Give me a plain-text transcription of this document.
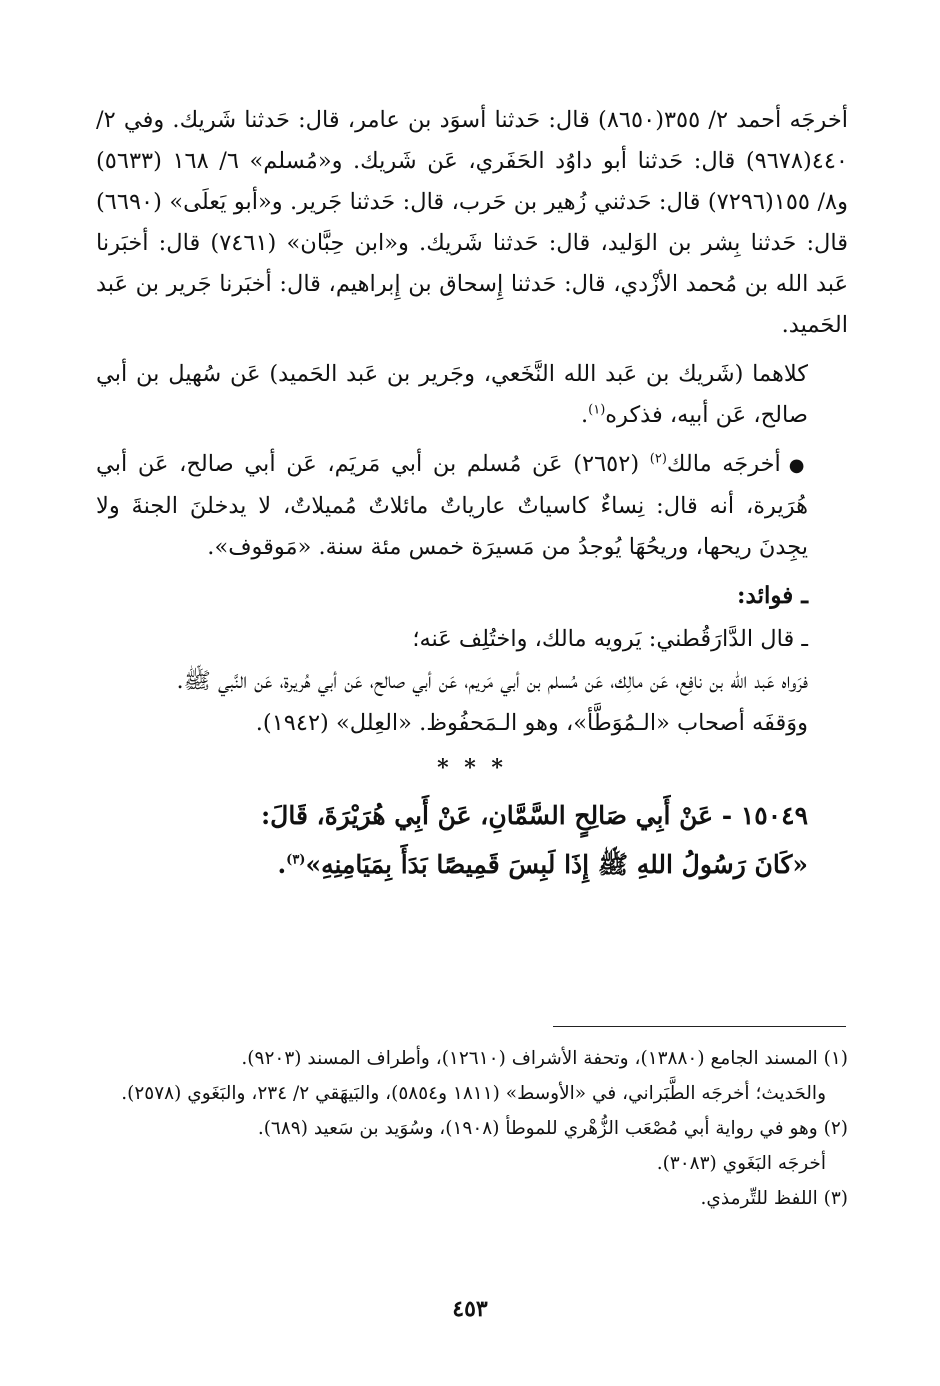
أخرجَه أحمد ٢/ ٣٥٥(٨٦٥٠) قال: حَدثنا أسوَد بن عامر، قال: حَدثنا شَريك. وفي ٢/ ٤٤٠(٩٦٧٨) قال: حَدثنا أبو داوُد الحَفَري، عَن شَريك. و«مُسلم» ٦/ ١٦٨ (٥٦٣٣) و٨/ ١٥٥(٧٢٩٦) قال: حَدثني زُهير بن حَرب، قال: حَدثنا جَرير. و«أبو يَعلَى» (٦٦٩٠) قال: حَدثنا بِشر بن الوَليد، قال: حَدثنا شَريك. و«ابن حِبَّان» (٧٤٦١) قال: أخبَرنا عَبد الله بن مُحمد الأزْدي، قال: حَدثنا إِسحاق بن إِبراهيم، قال: أخبَرنا جَرير بن عَبد الحَميد.

كلاهما (شَريك بن عَبد الله النَّخَعي، وجَرير بن عَبد الحَميد) عَن سُهيل بن أبي صالح، عَن أبيه، فذكره$^{(١)}$.

●أخرجَه مالك$^{(٢)}$ (٢٦٥٢) عَن مُسلم بن أبي مَريَم، عَن أبي صالح، عَن أبي هُرَيرة، أنه قال: نِساءٌ كاسياتٌ عارياتٌ مائلاتٌ مُميلاتٌ، لا يدخلنَ الجنةَ ولا يجِدنَ ريحها، وريحُهَا يُوجدُ من مَسيرَة خمس مئة سنة. «مَوقوف».

ـ فوائد:

ـ قال الدَّارَقُطني: يَرويه مالك، واختُلِف عَنه؛

فرَواه عَبد الله بن نافِع، عَن مالِك، عَن مُسلم بن أبي مَريم، عَن أبي صالح، عَن أبي هُريرة، عَن النَّبي ﷺ.

ووَقفَه أصحاب «الـمُوَطَّأ»، وهو الـمَحفُوظ. «العِلل» (١٩٤٢).

* * *

١٥٠٤٩ - عَنْ أَبِي صَالِحٍ السَّمَّانِ، عَنْ أَبِي هُرَيْرَةَ، قَالَ:

«كَانَ رَسُولُ اللهِ ﷺ إِذَا لَبِسَ قَمِيصًا بَدَأَ بِمَيَامِنِهِ»$^{(٣)}$.

(١) المسند الجامع (١٣٨٨٠)، وتحفة الأشراف (١٢٦١٠)، وأطراف المسند (٩٢٠٣).

والحَديث؛ أخرجَه الطَّبَراني، في «الأوسط» (١٨١١ و٥٨٥٤)، والبَيهَقي ٢/ ٢٣٤، والبَغَوي (٢٥٧٨).

(٢) وهو في رواية أبي مُصْعَب الزُّهْري للموطأ (١٩٠٨)، وسُوَيد بن سَعيد (٦٨٩).

أخرجَه البَغَوي (٣٠٨٣).

(٣) اللفظ للتِّرمذي.

٤٥٣
